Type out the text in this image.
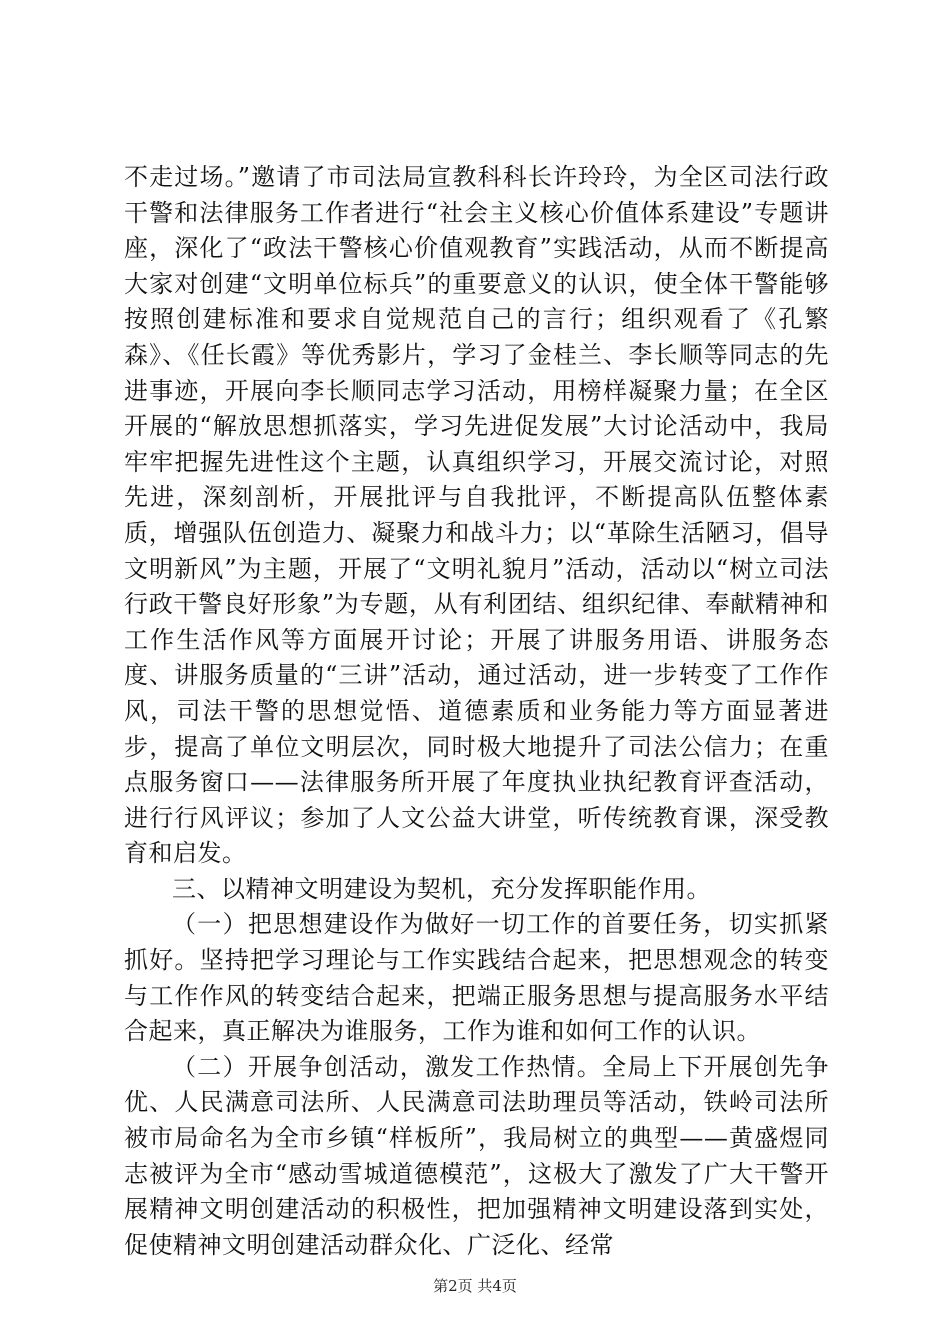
不走过场。”邀请了市司法局宣教科科长许玲玲，为全区司法行政干警和法律服务工作者进行“社会主义核心价值体系建设”专题讲座，深化了“政法干警核心价值观教育”实践活动，从而不断提高大家对创建“文明单位标兵”的重要意义的认识，使全体干警能够按照创建标准和要求自觉规范自己的言行；组织观看了《孔繁森》、《任长霞》等优秀影片，学习了金桂兰、李长顺等同志的先进事迹，开展向李长顺同志学习活动，用榜样凝聚力量；在全区开展的“解放思想抓落实，学习先进促发展”大讨论活动中，我局牢牢把握先进性这个主题，认真组织学习，开展交流讨论，对照先进，深刻剖析，开展批评与自我批评，不断提高队伍整体素质，增强队伍创造力、凝聚力和战斗力；以“革除生活陋习，倡导文明新风”为主题，开展了“文明礼貌月”活动，活动以“树立司法行政干警良好形象”为专题，从有利团结、组织纪律、奉献精神和工作生活作风等方面展开讨论；开展了讲服务用语、讲服务态度、讲服务质量的“三讲”活动，通过活动，进一步转变了工作作风，司法干警的思想觉悟、道德素质和业务能力等方面显著进步，提高了单位文明层次，同时极大地提升了司法公信力；在重点服务窗口——法律服务所开展了年度执业执纪教育评查活动，进行行风评议；参加了人文公益大讲堂，听传统教育课，深受教育和启发。

三、以精神文明建设为契机，充分发挥职能作用。

（一）把思想建设作为做好一切工作的首要任务，切实抓紧抓好。坚持把学习理论与工作实践结合起来，把思想观念的转变与工作作风的转变结合起来，把端正服务思想与提高服务水平结合起来，真正解决为谁服务，工作为谁和如何工作的认识。

（二）开展争创活动，激发工作热情。全局上下开展创先争优、人民满意司法所、人民满意司法助理员等活动，铁岭司法所被市局命名为全市乡镇“样板所”，我局树立的典型——黄盛煜同志被评为全市“感动雪城道德模范”，这极大了激发了广大干警开展精神文明创建活动的积极性，把加强精神文明建设落到实处，促使精神文明创建活动群众化、广泛化、经常

第2页 共4页
